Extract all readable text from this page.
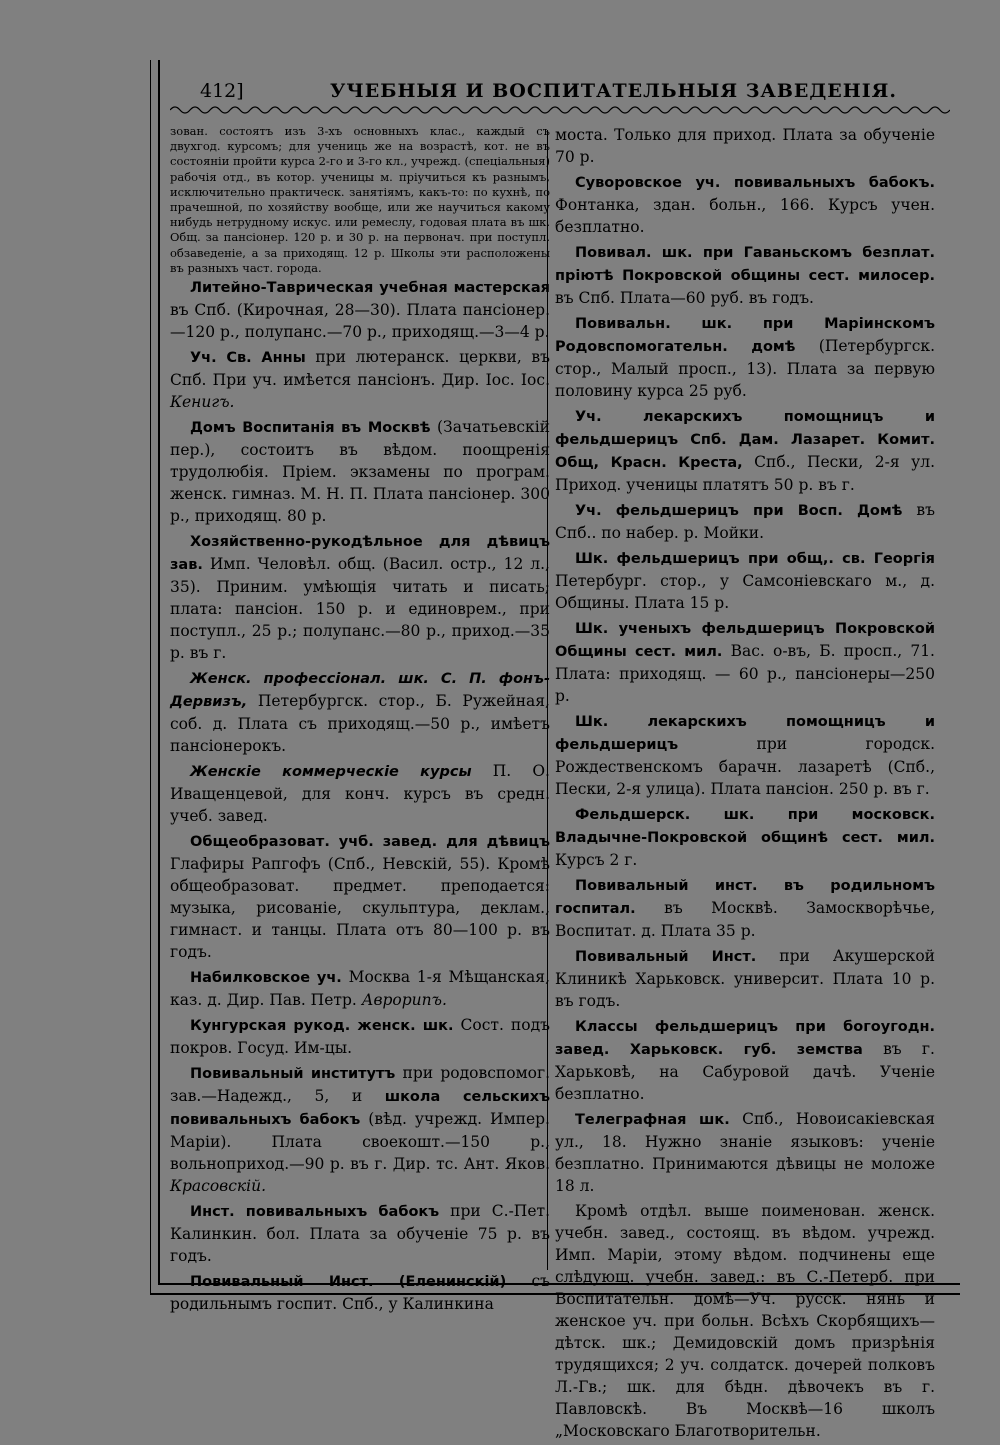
412]	УЧЕБНЫЯ И ВОСПИТАТЕЛЬНЫЯ ЗАВЕДЕНІЯ.

зован. состоятъ изъ 3-хъ основныхъ клас., каждый съ двухгод. курсомъ; для учениць же на возрастѣ, кот. не въ состояніи пройти курса 2-го и 3-го кл., учрежд. (спеціальныя) рабочія отд., въ котор. ученицы м. пріучиться къ разнымъ, исключительно практическ. занятіямъ, какъ-то: по кухнѣ, по прачешной, по хозяйству вообще, или же научиться какому нибудь нетрудному искус. или ремеслу, годовая плата въ шк. Общ. за пансіонер. 120 р. и 30 р. на первонач. при поступл. обзаведеніе, а за приходящ. 12 р. Школы эти расположены въ разныхъ част. города.

Литейно-Таврическая учебная мастерская въ Спб. (Кирочная, 28—30). Плата пансіонер.—120 р., полупанс.—70 р., приходящ.—3—4 р.

Уч. Св. Анны при лютеранск. церкви, въ Спб. При уч. имѣется пансіонъ. Дир. Іос. Іос. Кенигъ.

Домъ Воспитанія въ Москвѣ (Зачатьевскій пер.), состоитъ въ вѣдом. поощренія трудолюбія. Пріем. экзамены по програм. женск. гимназ. М. Н. П. Плата пансіонер. 300 р., приходящ. 80 р.

Хозяйственно-рукодѣльное для дѣвицъ зав. Имп. Человѣл. общ. (Васил. остр., 12 л., 35). Приним. умѣющія читать и писать; плата: пансіон. 150 р. и единоврем., при поступл., 25 р.; полупанс.—80 р., приход.—35 р. въ г.

Женск. профессіонал. шк. С. П. фонъ-Дервизъ, Петербургск. стор., Б. Ружейная, соб. д. Плата съ приходящ.—50 р., имѣетъ пансіонерокъ.

Женскіе коммерческіе курсы П. О. Иващенцевой, для конч. курсъ въ средн. учеб. завед.

Общеобразоват. учб. завед. для дѣвицъ Глафиры Рапгофъ (Спб., Невскій, 55). Кромѣ общеобразоват. предмет. преподается: музыка, рисованіе, скульптура, деклам., гимнаст. и танцы. Плата отъ 80—100 р. въ годъ.

Набилковское уч. Москва 1-я Мѣщанская, каз. д. Дир. Пав. Петр. Аврорипъ.

Кунгурская рукод. женск. шк. Сост. подъ покров. Госуд. Им-цы.

Повивальный институтъ при родовспомог. зав.—Надежд., 5, и школа сельскихъ повивальныхъ бабокъ (вѣд. учрежд. Импер. Маріи). Плата своекошт.—150 р., вольноприход.—90 р. въ г. Дир. тс. Ант. Яков. Красовскій.

Инст. повивальныхъ бабокъ при С.-Пет. Калинкин. бол. Плата за обученіе 75 р. въ годъ.

Повивальный Инст. (Еленинскій) съ родильнымъ госпит. Спб., у Калинкина

моста. Только для приход. Плата за обученіе 70 р.

Суворовское уч. повивальныхъ бабокъ. Фонтанка, здан. больн., 166. Курсъ учен. безплатно.

Повивал. шк. при Гаваньскомъ безплат. пріютѣ Покровской общины сест. милосер. въ Спб. Плата—60 руб. въ годъ.

Повивальн. шк. при Маріинскомъ Родовспомогательн. домѣ (Петербургск. стор., Малый просп., 13). Плата за первую половину курса 25 руб.

Уч. лекарскихъ помощницъ и фельдшерицъ Спб. Дам. Лазарет. Комит. Общ, Красн. Креста, Спб., Пески, 2-я ул. Приход. ученицы платятъ 50 р. въ г.

Уч. фельдшерицъ при Восп. Домѣ въ Спб.. по набер. р. Мойки.

Шк. фельдшерицъ при общ,. св. Георгія Петербург. стор., у Самсоніевскаго м., д. Общины. Плата 15 р.

Шк. ученыхъ фельдшерицъ Покровской Общины сест. мил. Вас. о-въ, Б. просп., 71. Плата: приходящ. — 60 р., пансіонеры—250 р.

Шк. лекарскихъ помощницъ и фельдшерицъ при городск. Рождественскомъ барачн. лазаретѣ (Спб., Пески, 2-я улица). Плата пансіон. 250 р. въ г.

Фельдшерск. шк. при московск. Владычне-Покровской общинѣ сест. мил. Курсъ 2 г.

Повивальный инст. въ родильномъ госпитал. въ Москвѣ. Замоскворѣчье, Воспитат. д. Плата 35 р.

Повивальный Инст. при Акушерской Клиникѣ Харьковск. университ. Плата 10 р. въ годъ.

Классы фельдшерицъ при богоугодн. завед. Харьковск. губ. земства въ г. Харьковѣ, на Сабуровой дачѣ. Ученіе безплатно.

Телеграфная шк. Спб., Новоисакіевская ул., 18. Нужно знаніе языковъ: ученіе безплатно. Принимаются дѣвицы не моложе 18 л.

Кромѣ отдѣл. выше поименован. женск. учебн. завед., состоящ. въ вѣдом. учрежд. Имп. Маріи, этому вѣдом. подчинены еще слѣдующ. учебн. завед.: въ С.-Петерб. при Воспитательн. домѣ—Уч. русск. нянь и женское уч. при больн. Всѣхъ Скорбящихъ—дѣтск. шк.; Демидовскій домъ призрѣнія трудящихся; 2 уч. солдатск. дочерей полковъ Л.-Гв.; шк. для бѣдн. дѣвочекъ въ г. Павловскѣ. Въ Москвѣ—16 школъ „Московскаго Благотворительн.
